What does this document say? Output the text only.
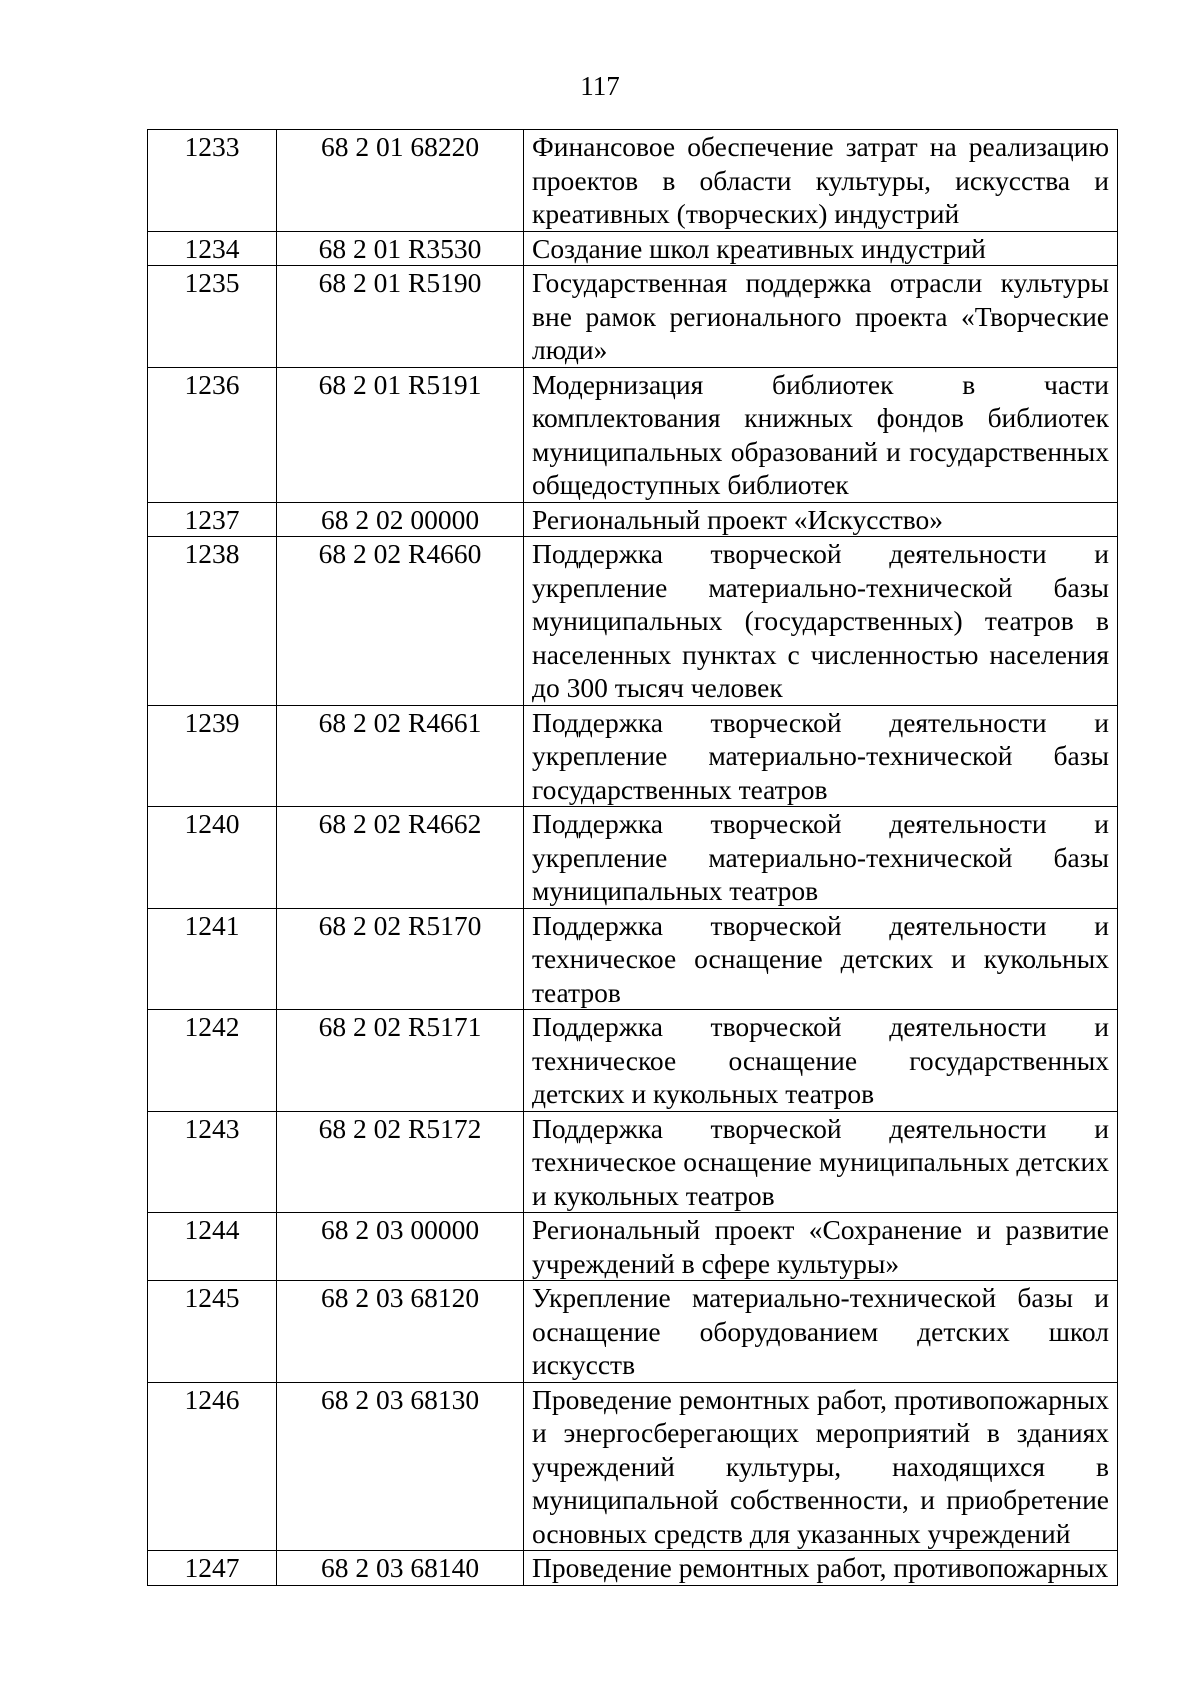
117
1233	68 2 01 68220	Финансовое обеспечение затрат на реализацию проектов в области культуры, искусства и креативных (творческих) индустрий
1234	68 2 01 R3530	Создание школ креативных индустрий
1235	68 2 01 R5190	Государственная поддержка отрасли культуры вне рамок регионального проекта «Творческие люди»
1236	68 2 01 R5191	Модернизация библиотек в части комплектования книжных фондов библиотек муниципальных образований и государственных общедоступных библиотек
1237	68 2 02 00000	Региональный проект «Искусство»
1238	68 2 02 R4660	Поддержка творческой деятельности и укрепление материально-технической базы муниципальных (государственных) театров в населенных пунктах с численностью населения до 300 тысяч человек
1239	68 2 02 R4661	Поддержка творческой деятельности и укрепление материально-технической базы государственных театров
1240	68 2 02 R4662	Поддержка творческой деятельности и укрепление материально-технической базы муниципальных театров
1241	68 2 02 R5170	Поддержка творческой деятельности и техническое оснащение детских и кукольных театров
1242	68 2 02 R5171	Поддержка творческой деятельности и техническое оснащение государственных детских и кукольных театров
1243	68 2 02 R5172	Поддержка творческой деятельности и техническое оснащение муниципальных детских и кукольных театров
1244	68 2 03 00000	Региональный проект «Сохранение и развитие учреждений в сфере культуры»
1245	68 2 03 68120	Укрепление материально-технической базы и оснащение оборудованием детских школ искусств
1246	68 2 03 68130	Проведение ремонтных работ, противопожарных и энергосберегающих мероприятий в зданиях учреждений культуры, находящихся в муниципальной собственности, и приобретение основных средств для указанных учреждений
1247	68 2 03 68140	Проведение ремонтных работ, противопожарных
